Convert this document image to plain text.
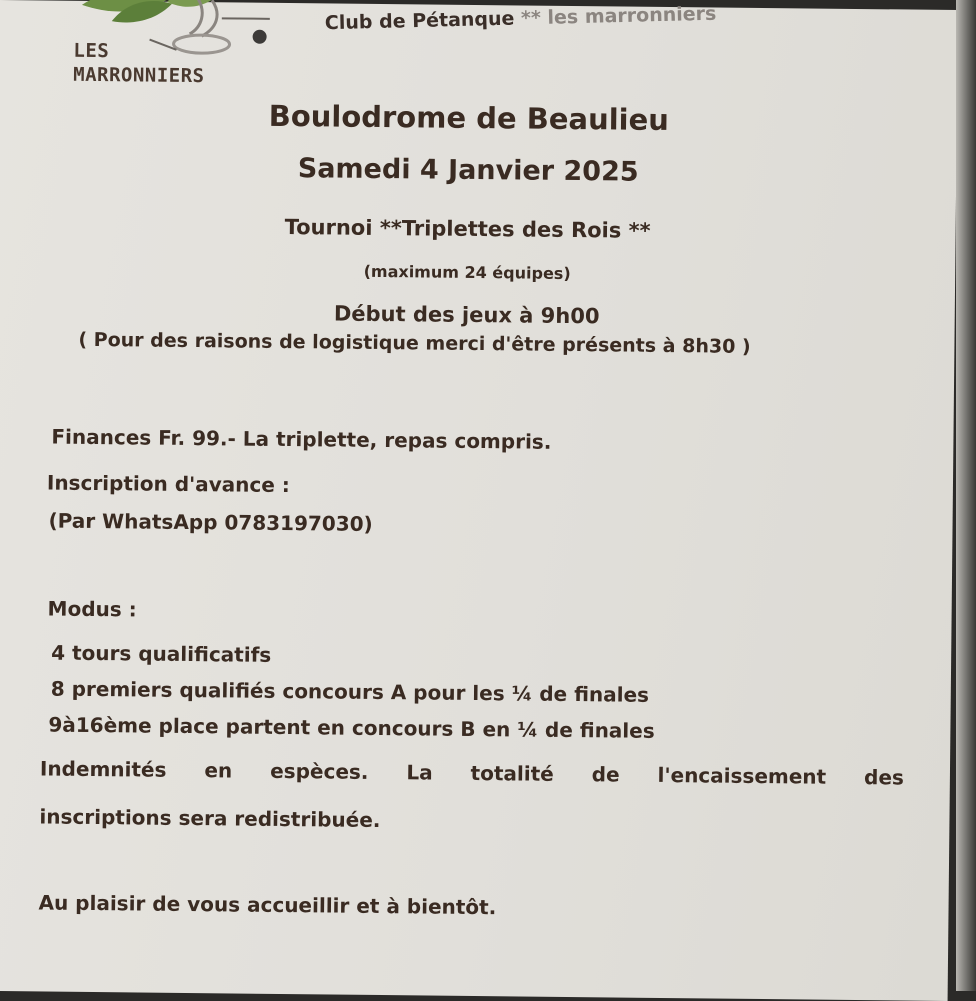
LES
MARRONNIERS
Club de Pétanque ** les marronniers
Boulodrome de Beaulieu
Samedi 4 Janvier 2025
Tournoi **Triplettes des Rois **
(maximum 24 équipes)
Début des jeux à 9h00
( Pour des raisons de logistique merci d'être présents à 8h30 )
Finances Fr. 99.- La triplette, repas compris.
Inscription d'avance :
(Par WhatsApp 0783197030)
Modus :
4 tours qualificatifs
8 premiers qualifiés concours A pour les ¼ de finales
9à16ème place partent en concours B en ¼ de finales
Indemnités en espèces. La totalité de l'encaissement des
inscriptions sera redistribuée.
Au plaisir de vous accueillir et à bientôt.
